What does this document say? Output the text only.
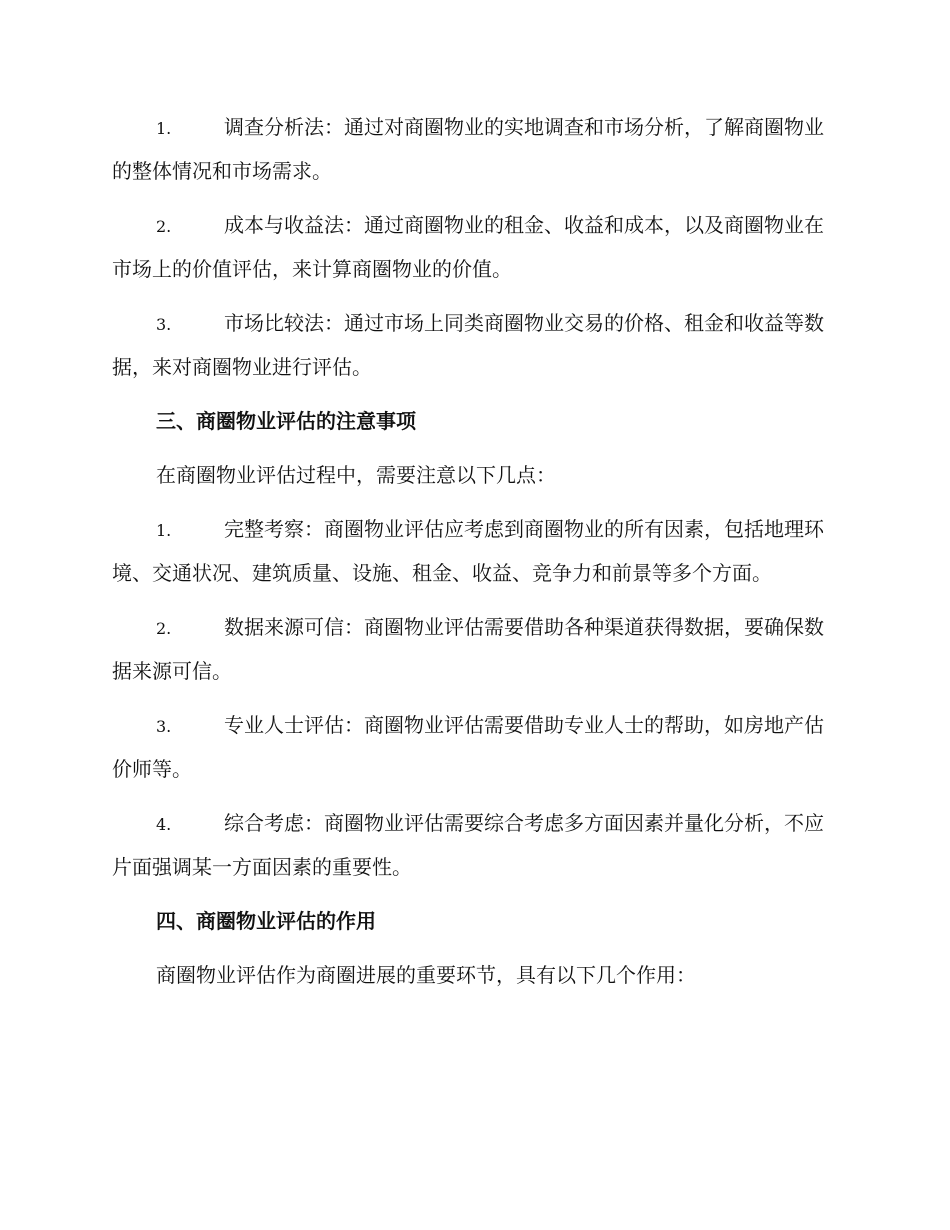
1.	调查分析法：通过对商圈物业的实地调查和市场分析，了解商圈物业的整体情况和市场需求。

2.	成本与收益法：通过商圈物业的租金、收益和成本，以及商圈物业在市场上的价值评估，来计算商圈物业的价值。

3.	市场比较法：通过市场上同类商圈物业交易的价格、租金和收益等数据，来对商圈物业进行评估。

三、商圈物业评估的注意事项

在商圈物业评估过程中，需要注意以下几点：

1.	完整考察：商圈物业评估应考虑到商圈物业的所有因素，包括地理环境、交通状况、建筑质量、设施、租金、收益、竞争力和前景等多个方面。

2.	数据来源可信：商圈物业评估需要借助各种渠道获得数据，要确保数据来源可信。

3.	专业人士评估：商圈物业评估需要借助专业人士的帮助，如房地产估价师等。

4.	综合考虑：商圈物业评估需要综合考虑多方面因素并量化分析，不应片面强调某一方面因素的重要性。

四、商圈物业评估的作用

商圈物业评估作为商圈进展的重要环节，具有以下几个作用：
